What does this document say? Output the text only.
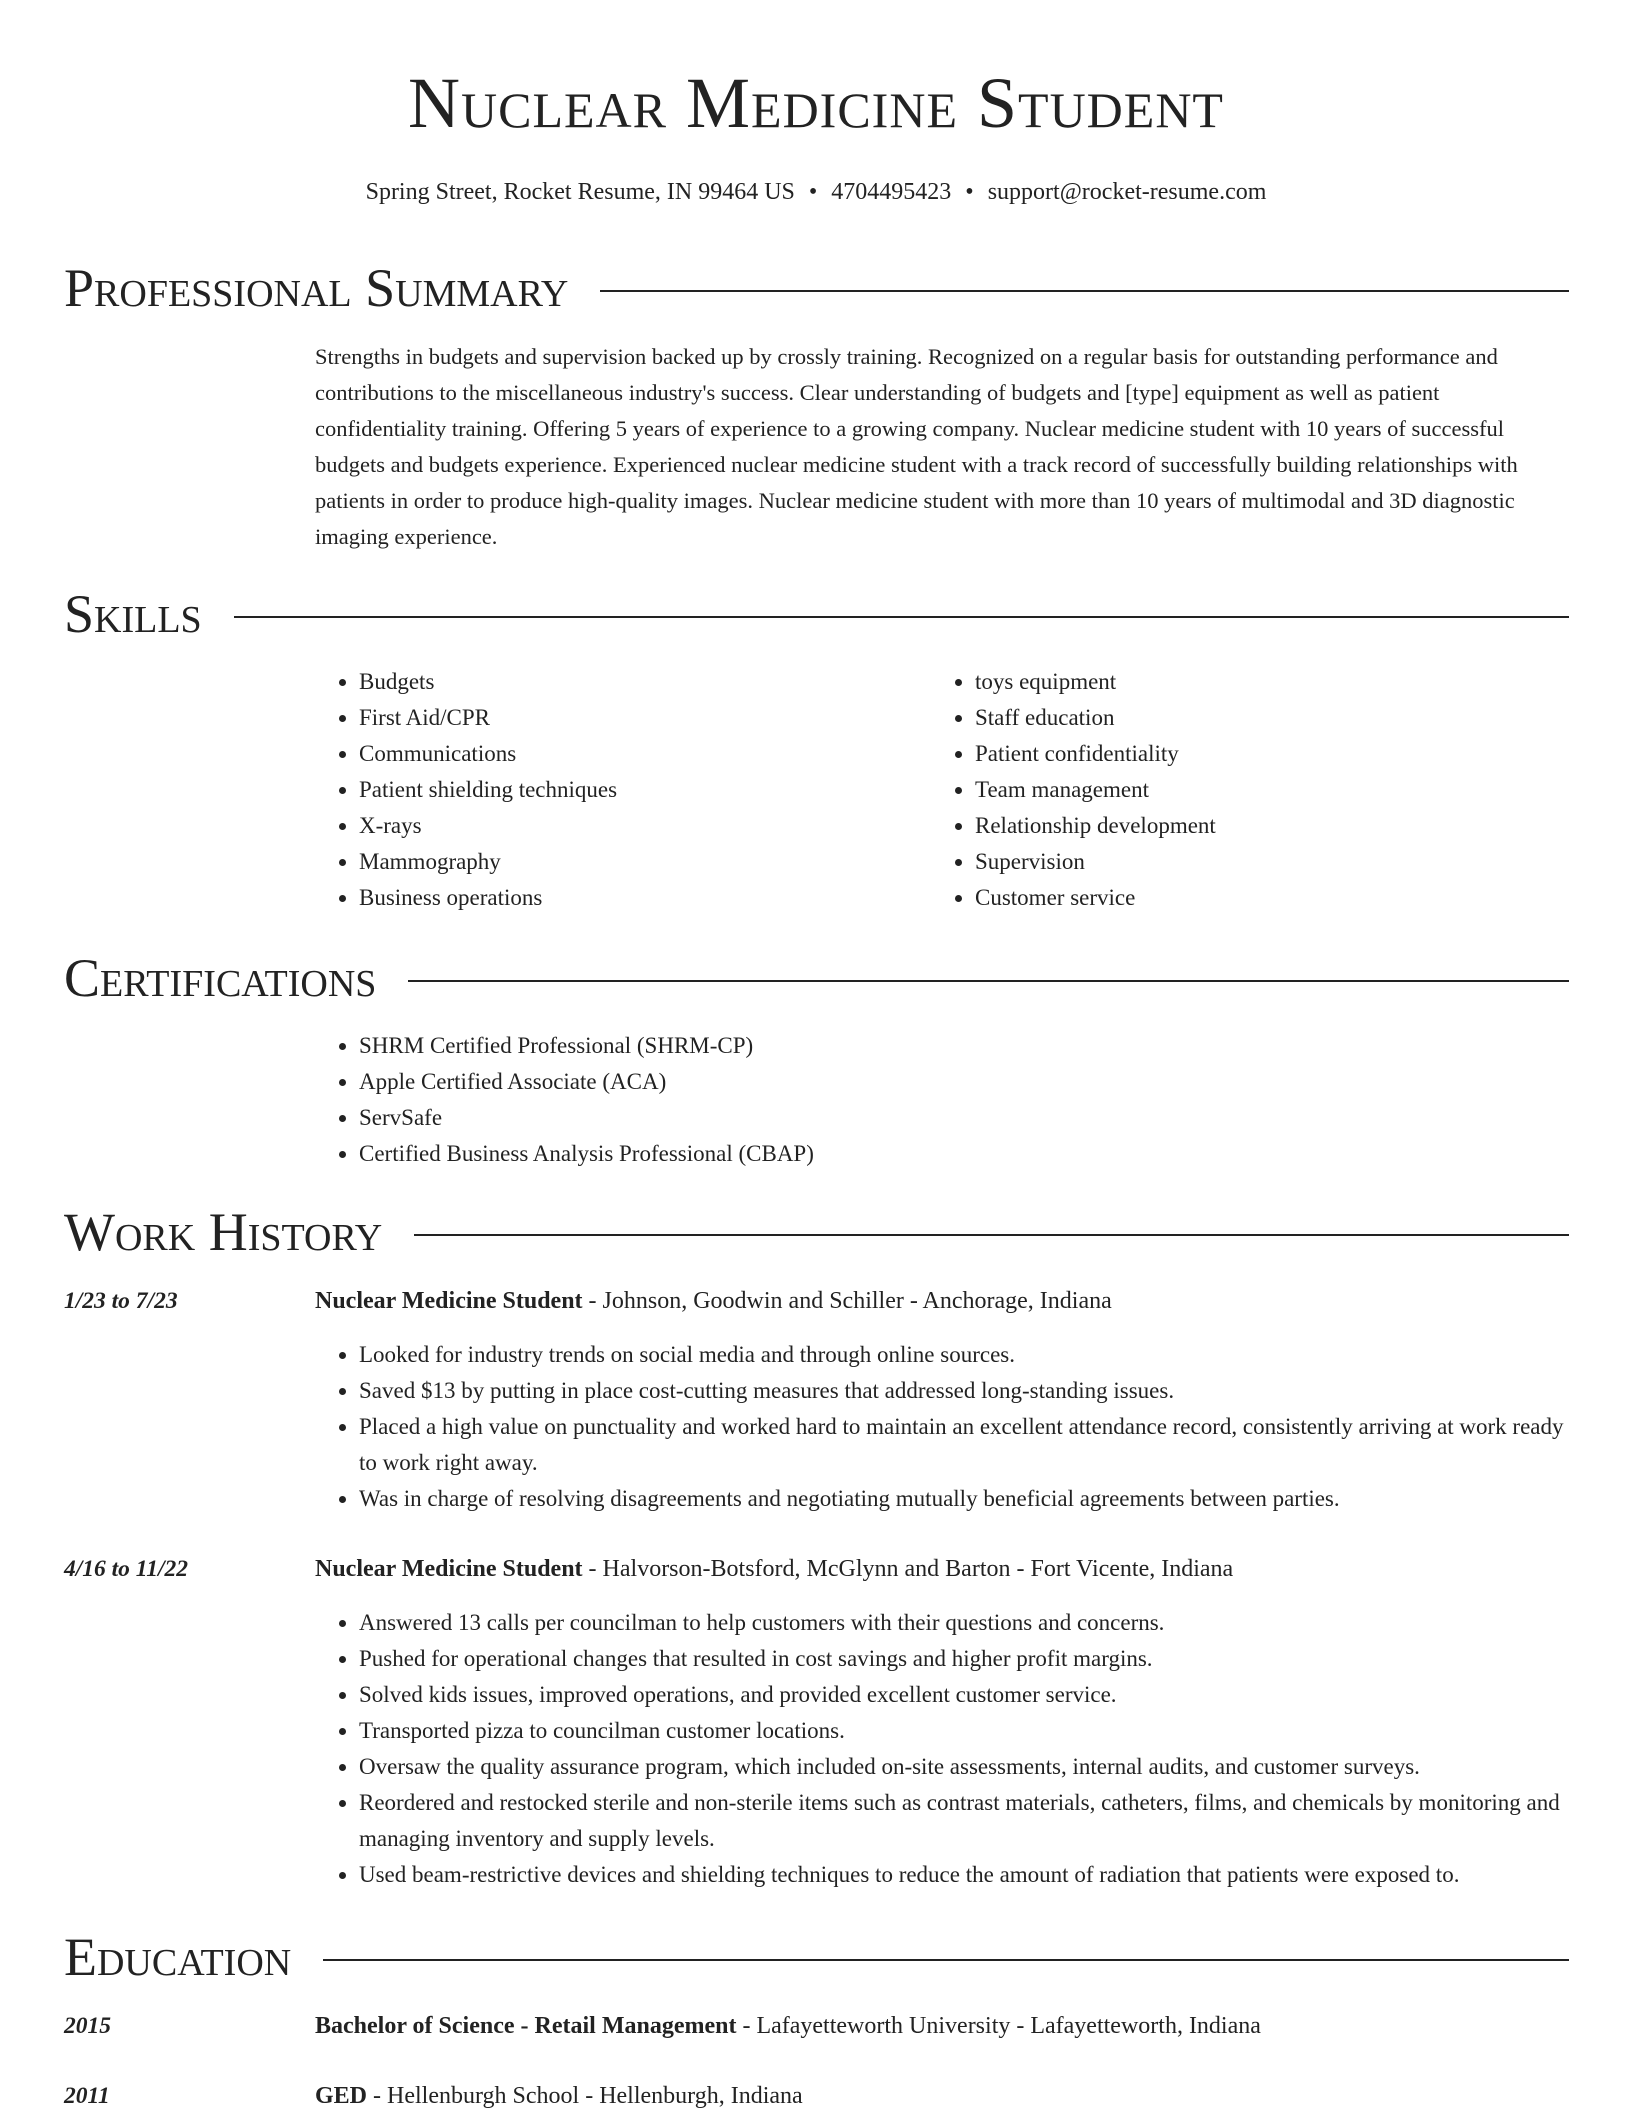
Nuclear Medicine Student
Spring Street, Rocket Resume, IN 99464 US • 4704495423 • support@rocket-resume.com
Professional Summary

Strengths in budgets and supervision backed up by crossly training. Recognized on a regular basis for outstanding performance and contributions to the miscellaneous industry's success. Clear understanding of budgets and [type] equipment as well as patient confidentiality training. Offering 5 years of experience to a growing company. Nuclear medicine student with 10 years of successful budgets and budgets experience. Experienced nuclear medicine student with a track record of successfully building relationships with patients in order to produce high-quality images. Nuclear medicine student with more than 10 years of multimodal and 3D diagnostic imaging experience.

Skills
• Budgets
• First Aid/CPR
• Communications
• Patient shielding techniques
• X-rays
• Mammography
• Business operations
• toys equipment
• Staff education
• Patient confidentiality
• Team management
• Relationship development
• Supervision
• Customer service
Certifications
• SHRM Certified Professional (SHRM-CP)
• Apple Certified Associate (ACA)
• ServSafe
• Certified Business Analysis Professional (CBAP)
Work History
1/23 to 7/23	Nuclear Medicine Student - Johnson, Goodwin and Schiller - Anchorage, Indiana
• Looked for industry trends on social media and through online sources.
• Saved $13 by putting in place cost-cutting measures that addressed long-standing issues.
• Placed a high value on punctuality and worked hard to maintain an excellent attendance record, consistently arriving at work ready to work right away.
• Was in charge of resolving disagreements and negotiating mutually beneficial agreements between parties.
4/16 to 11/22	Nuclear Medicine Student - Halvorson-Botsford, McGlynn and Barton - Fort Vicente, Indiana
• Answered 13 calls per councilman to help customers with their questions and concerns.
• Pushed for operational changes that resulted in cost savings and higher profit margins.
• Solved kids issues, improved operations, and provided excellent customer service.
• Transported pizza to councilman customer locations.
• Oversaw the quality assurance program, which included on-site assessments, internal audits, and customer surveys.
• Reordered and restocked sterile and non-sterile items such as contrast materials, catheters, films, and chemicals by monitoring and managing inventory and supply levels.
• Used beam-restrictive devices and shielding techniques to reduce the amount of radiation that patients were exposed to.
Education
2015	Bachelor of Science - Retail Management - Lafayetteworth University - Lafayetteworth, Indiana
2011	GED - Hellenburgh School - Hellenburgh, Indiana
